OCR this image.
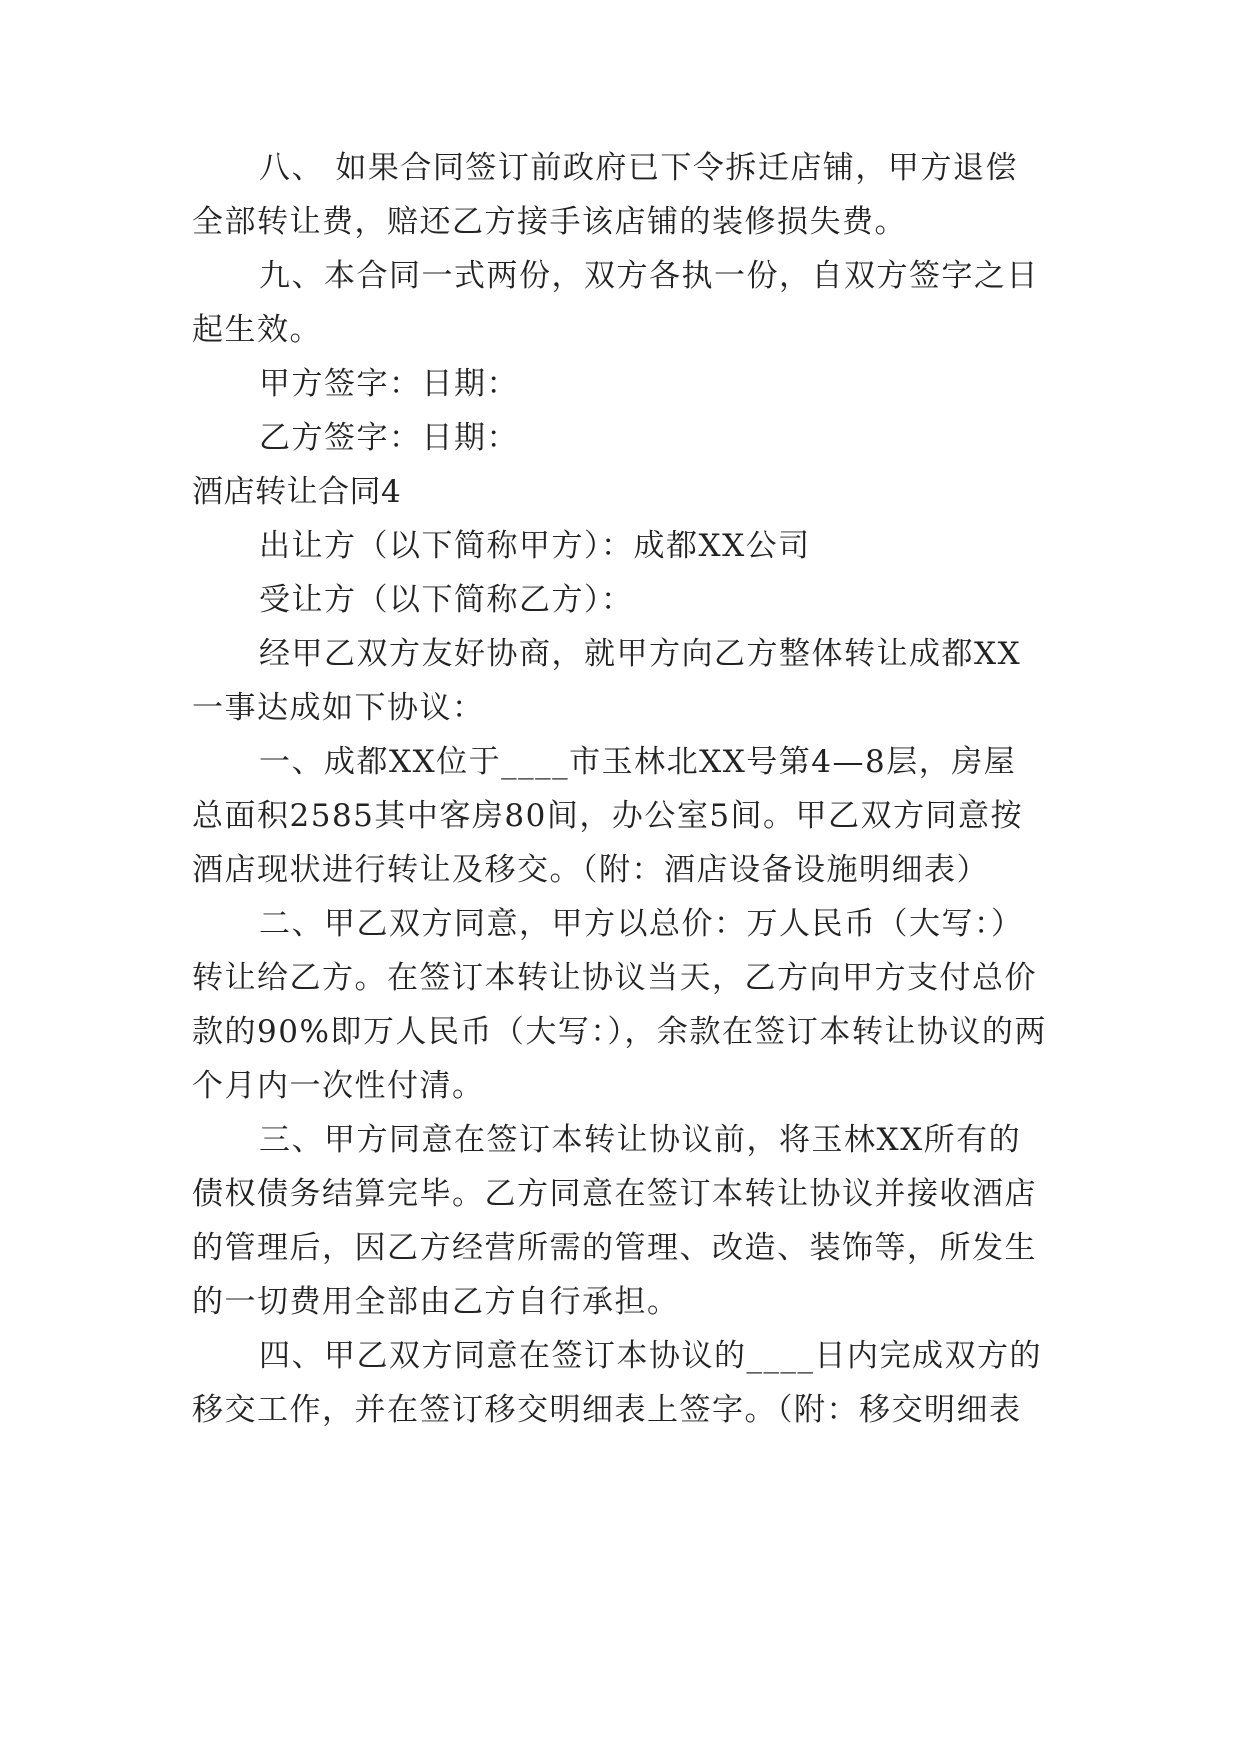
八、 如果合同签订前政府已下令拆迁店铺，甲方退偿
全部转让费，赔还乙方接手该店铺的装修损失费。
九、本合同一式两份，双方各执一份，自双方签字之日
起生效。
甲方签字：日期：
乙方签字：日期：
酒店转让合同4
出让方（以下简称甲方）：成都XX公司
受让方（以下简称乙方）：
经甲乙双方友好协商，就甲方向乙方整体转让成都XX
一事达成如下协议：
一、成都XX位于____市玉林北XX号第4—8层，房屋
总面积2585其中客房80间，办公室5间。甲乙双方同意按
酒店现状进行转让及移交。（附：酒店设备设施明细表）
二、甲乙双方同意，甲方以总价：万人民币（大写：）
转让给乙方。在签订本转让协议当天，乙方向甲方支付总价
款的90%即万人民币（大写：），余款在签订本转让协议的两
个月内一次性付清。
三、甲方同意在签订本转让协议前，将玉林XX所有的
债权债务结算完毕。乙方同意在签订本转让协议并接收酒店
的管理后，因乙方经营所需的管理、改造、装饰等，所发生
的一切费用全部由乙方自行承担。
四、甲乙双方同意在签订本协议的____日内完成双方的
移交工作，并在签订移交明细表上签字。（附：移交明细表
